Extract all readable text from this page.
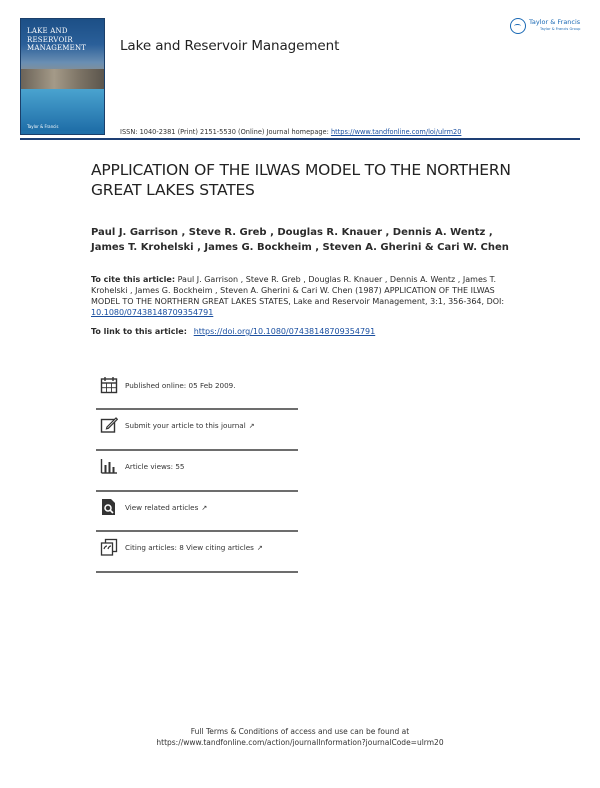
LAKE AND RESERVOIR MANAGEMENT
Taylor & Francis
Lake and Reservoir Management
Taylor & Francis
Taylor & Francis Group
ISSN: 1040-2381 (Print) 2151-5530 (Online) Journal homepage: https://www.tandfonline.com/loi/ulrm20
APPLICATION OF THE ILWAS MODEL TO THE NORTHERN GREAT LAKES STATES
Paul J. Garrison , Steve R. Greb , Douglas R. Knauer , Dennis A. Wentz , James T. Krohelski , James G. Bockheim , Steven A. Gherini & Cari W. Chen
To cite this article: Paul J. Garrison , Steve R. Greb , Douglas R. Knauer , Dennis A. Wentz , James T. Krohelski , James G. Bockheim , Steven A. Gherini & Cari W. Chen (1987) APPLICATION OF THE ILWAS MODEL TO THE NORTHERN GREAT LAKES STATES, Lake and Reservoir Management, 3:1, 356-364, DOI: 10.1080/07438148709354791
To link to this article: https://doi.org/10.1080/07438148709354791
Published online: 05 Feb 2009.
Submit your article to this journal ↗
Article views: 55
View related articles ↗
Citing articles: 8 View citing articles ↗
Full Terms & Conditions of access and use can be found at
https://www.tandfonline.com/action/journalInformation?journalCode=ulrm20
